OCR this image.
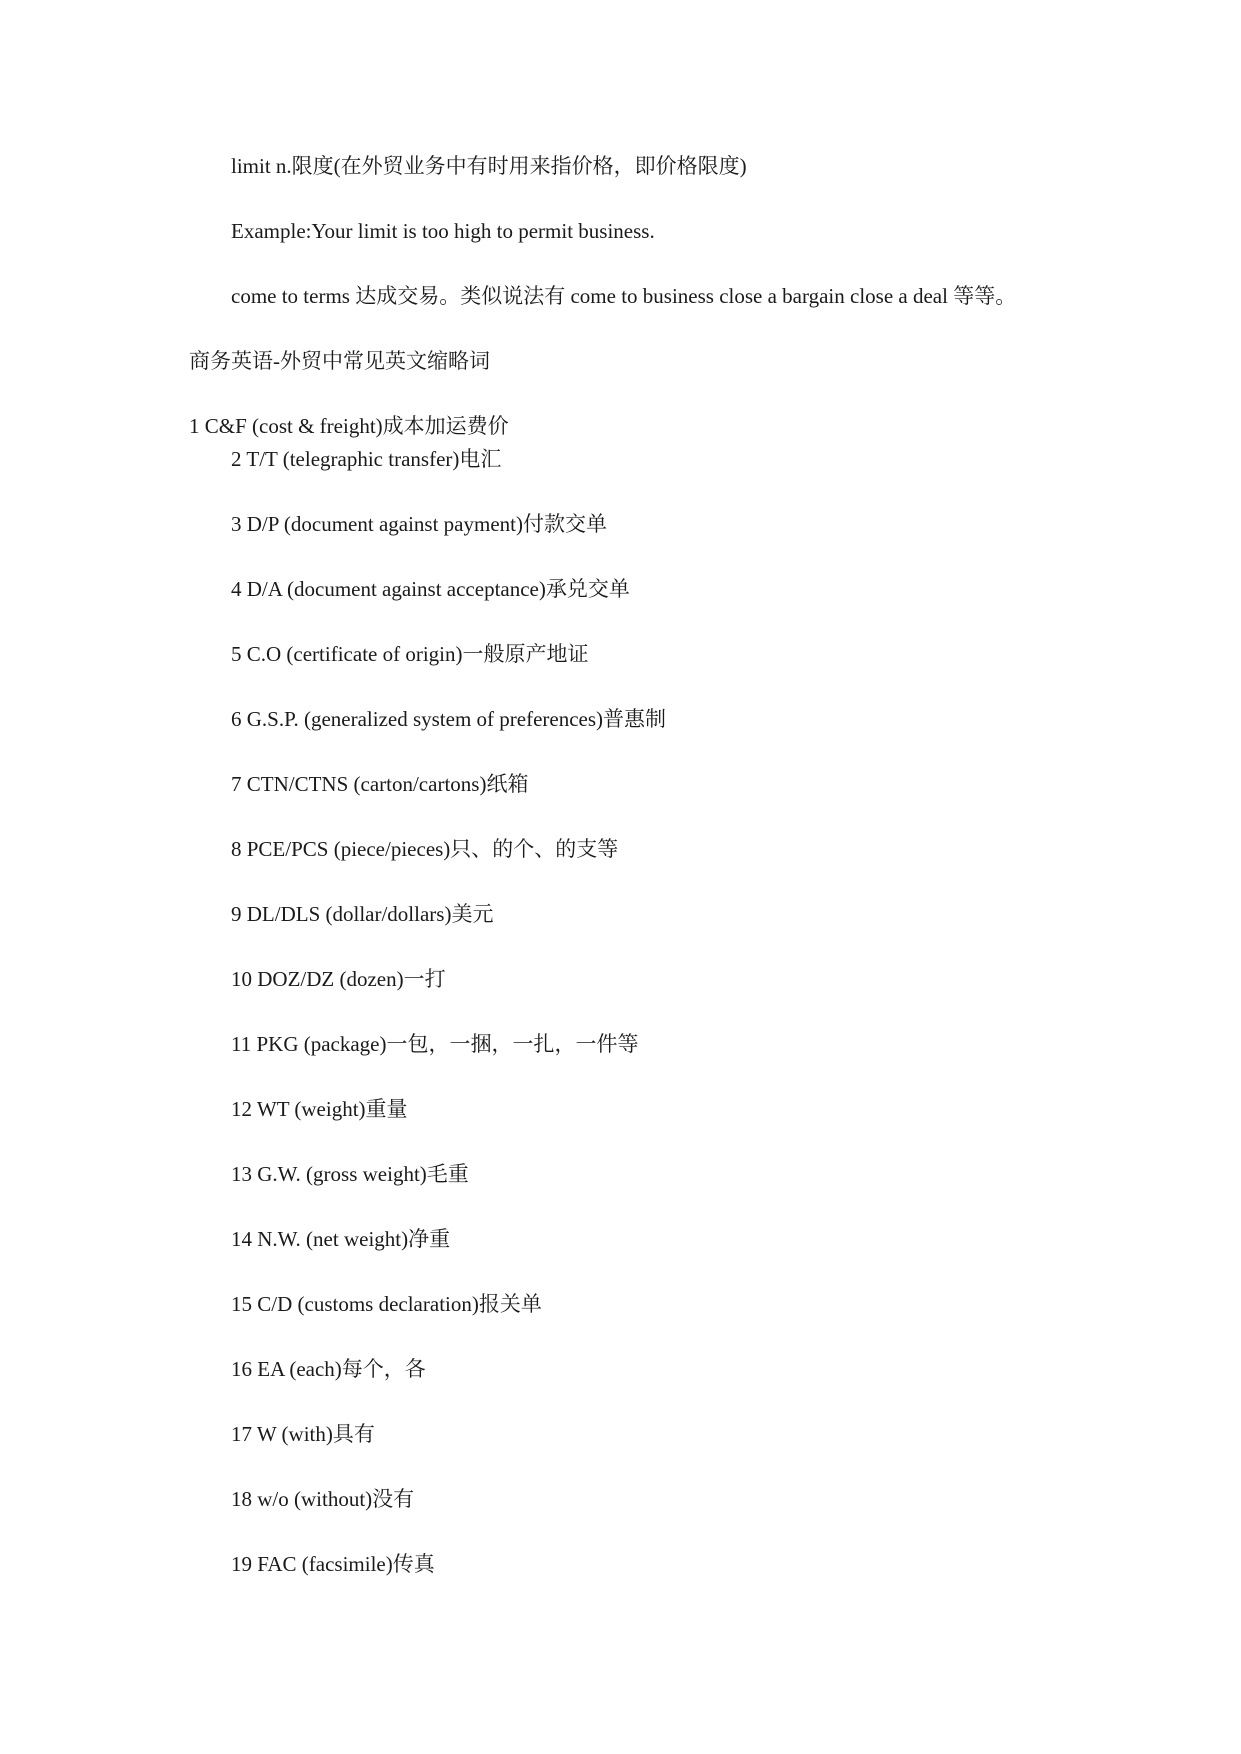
limit n.限度(在外贸业务中有时用来指价格，即价格限度)
Example:Your limit is too high to permit business.
come to terms 达成交易。类似说法有 come to business close a bargain close a deal 等等。
商务英语-外贸中常见英文缩略词
1 C&F (cost & freight)成本加运费价
2 T/T (telegraphic transfer)电汇
3 D/P (document against payment)付款交单
4 D/A (document against acceptance)承兑交单
5 C.O (certificate of origin)一般原产地证
6 G.S.P. (generalized system of preferences)普惠制
7 CTN/CTNS (carton/cartons)纸箱
8 PCE/PCS (piece/pieces)只、的个、的支等
9 DL/DLS (dollar/dollars)美元
10 DOZ/DZ (dozen)一打
11 PKG (package)一包，一捆，一扎，一件等
12 WT (weight)重量
13 G.W. (gross weight)毛重
14 N.W. (net weight)净重
15 C/D (customs declaration)报关单
16 EA (each)每个，各
17 W (with)具有
18 w/o (without)没有
19 FAC (facsimile)传真
